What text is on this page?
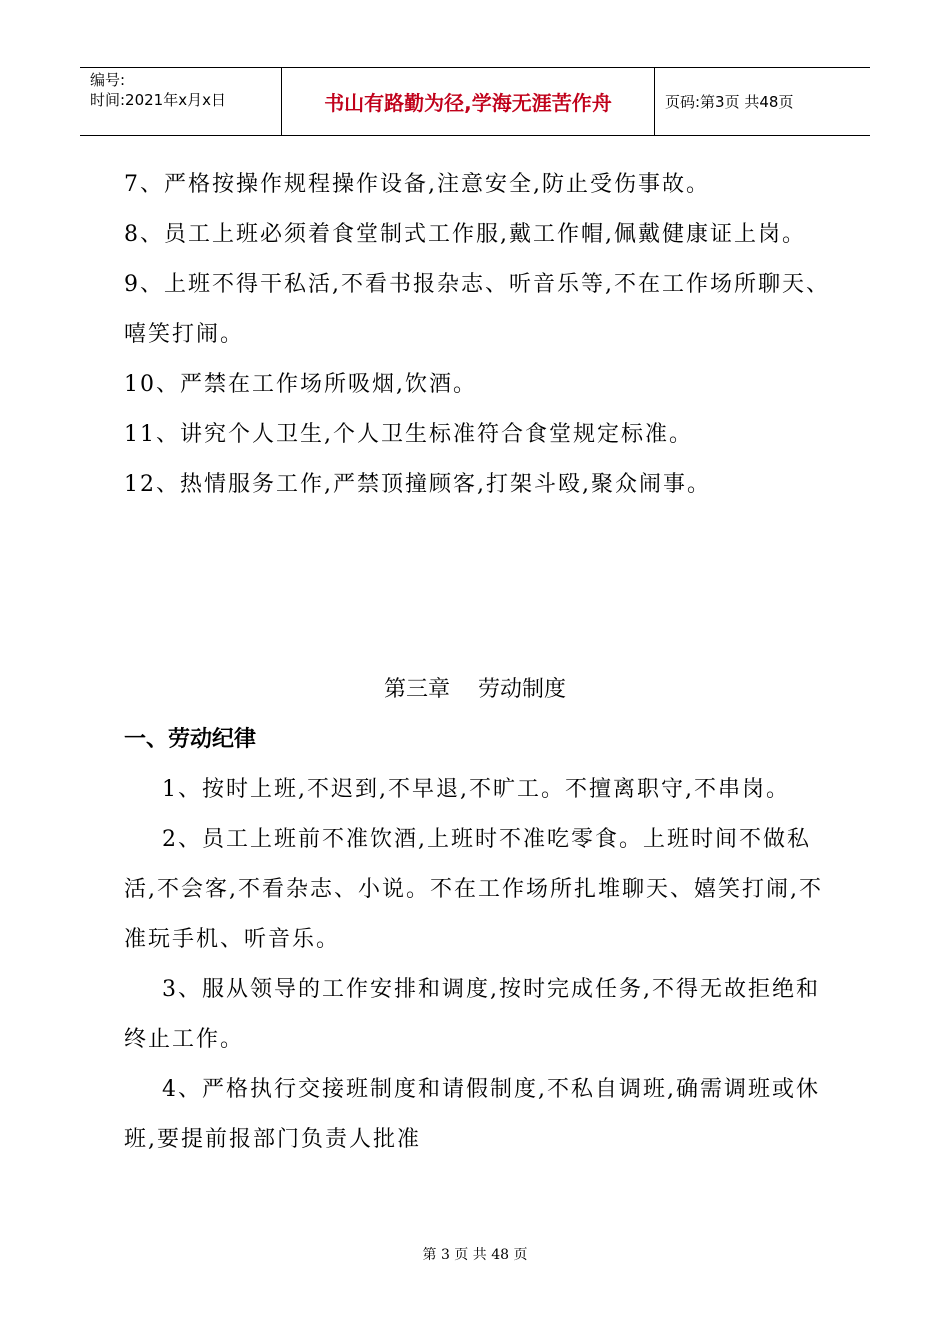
编号:
时间:2021年x月x日	书山有路勤为径,学海无涯苦作舟	页码:第3页 共48页

7、严格按操作规程操作设备,注意安全,防止受伤事故。

8、员工上班必须着食堂制式工作服,戴工作帽,佩戴健康证上岗。

9、上班不得干私活,不看书报杂志、听音乐等,不在工作场所聊天、嘻笑打闹。

10、严禁在工作场所吸烟,饮酒。

11、讲究个人卫生,个人卫生标准符合食堂规定标准。

12、热情服务工作,严禁顶撞顾客,打架斗殴,聚众闹事。

第三章    劳动制度
一、劳动纪律

1、按时上班,不迟到,不早退,不旷工。不擅离职守,不串岗。

2、员工上班前不准饮酒,上班时不准吃零食。上班时间不做私活,不会客,不看杂志、小说。不在工作场所扎堆聊天、嬉笑打闹,不准玩手机、听音乐。

3、服从领导的工作安排和调度,按时完成任务,不得无故拒绝和终止工作。

4、严格执行交接班制度和请假制度,不私自调班,确需调班或休班,要提前报部门负责人批准

第 3 页 共 48 页
